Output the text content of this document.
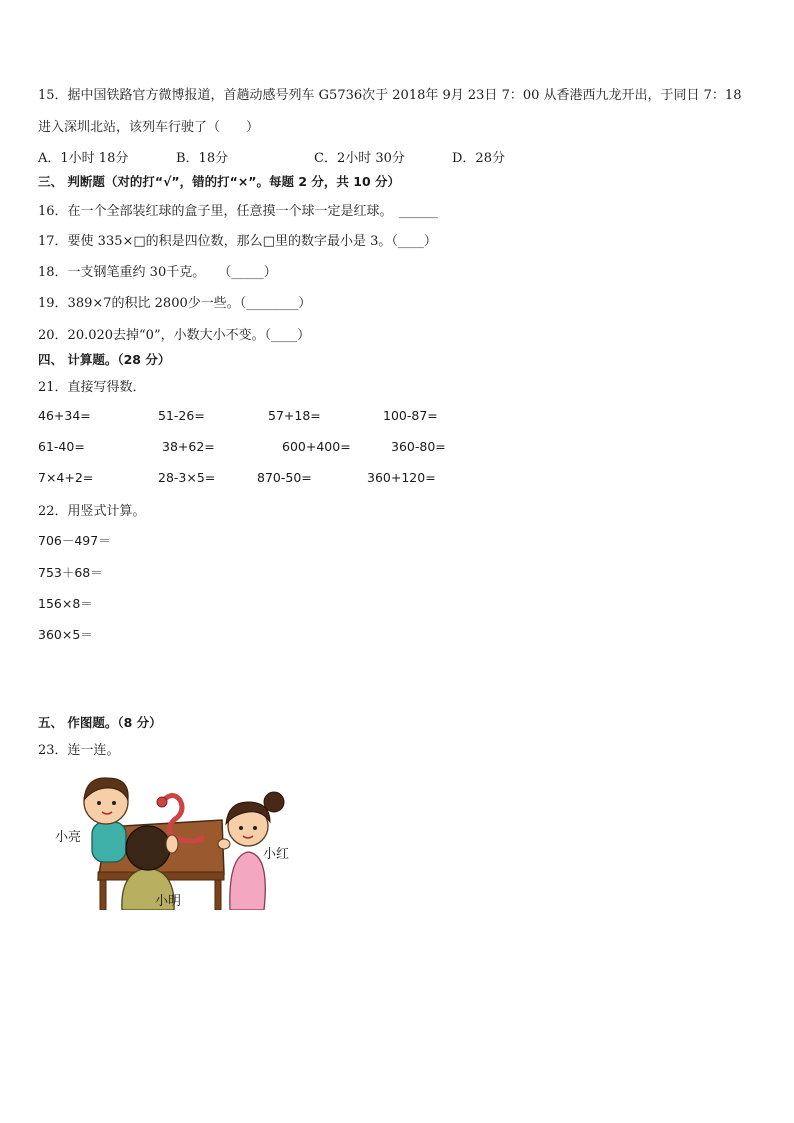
15．据中国铁路官方微博报道，首趟动感号列车 G5736次于 2018年 9月 23日 7：00 从香港西九龙开出，于同日 7：18
进入深圳北站，该列车行驶了（　　）
A．1小时 18分	B．18分	C．2小时 30分	D．28分
三、 判断题（对的打“√”，错的打“×”。每题 2 分，共 10 分）
16．在一个全部装红球的盒子里，任意摸一个球一定是红球。　______
17．要使 335×□的积是四位数，那么□里的数字最小是 3。（____）
18．一支钢笔重约 30千克。　　（_____）
19．389×7的积比 2800少一些。（________）
20．20.020去掉“0”，小数大小不变。（____）
四、 计算题。（28 分）
21．直接写得数．
46+34=	51-26=	57+18=	100-87=
61-40=	38+62=	600+400=	360-80=
7×4+2=	28-3×5=	870-50=	360+120=
22．用竖式计算。
706－497＝
753＋68＝
156×8＝
360×5＝
五、 作图题。（8 分）
23．连一连。
小亮
小红
小明
